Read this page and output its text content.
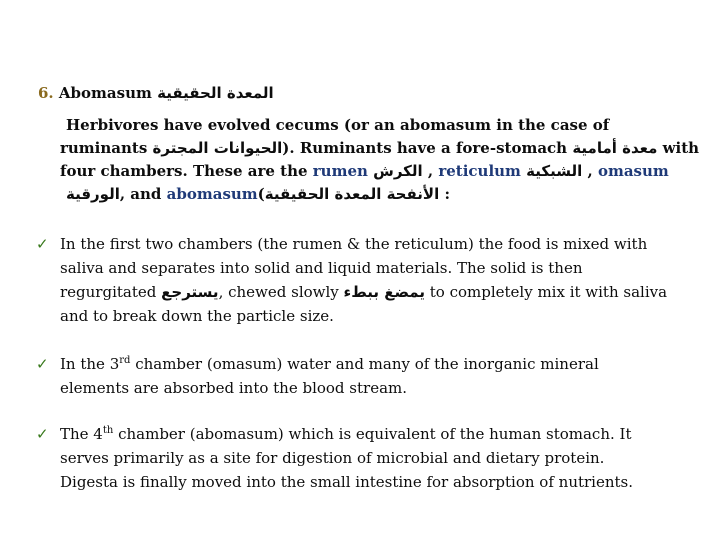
6. Abomasum المعدة الحقيقية
Herbivores have evolved cecums (or an abomasum in the case of
ruminants الحيوانات المجترة). Ruminants have a fore-stomach معدة أمامية with
four chambers. These are the rumen الكرش , reticulum الشبكية , omasum
الورقية, and abomasum(المعدة الحقيقية الأنفحة :
✓ In the first two chambers (the rumen & the reticulum) the food is mixed with
saliva and separates into solid and liquid materials. The solid is then
regurgitated يسترجع, chewed slowly يمضغ ببطء to completely mix it with saliva
and to break down the particle size.
✓ In the 3rd chamber (omasum) water and many of the inorganic mineral
elements are absorbed into the blood stream.
✓ The 4th chamber (abomasum) which is equivalent of the human stomach. It
serves primarily as a site for digestion of microbial and dietary protein.
Digesta is finally moved into the small intestine for absorption of nutrients.
